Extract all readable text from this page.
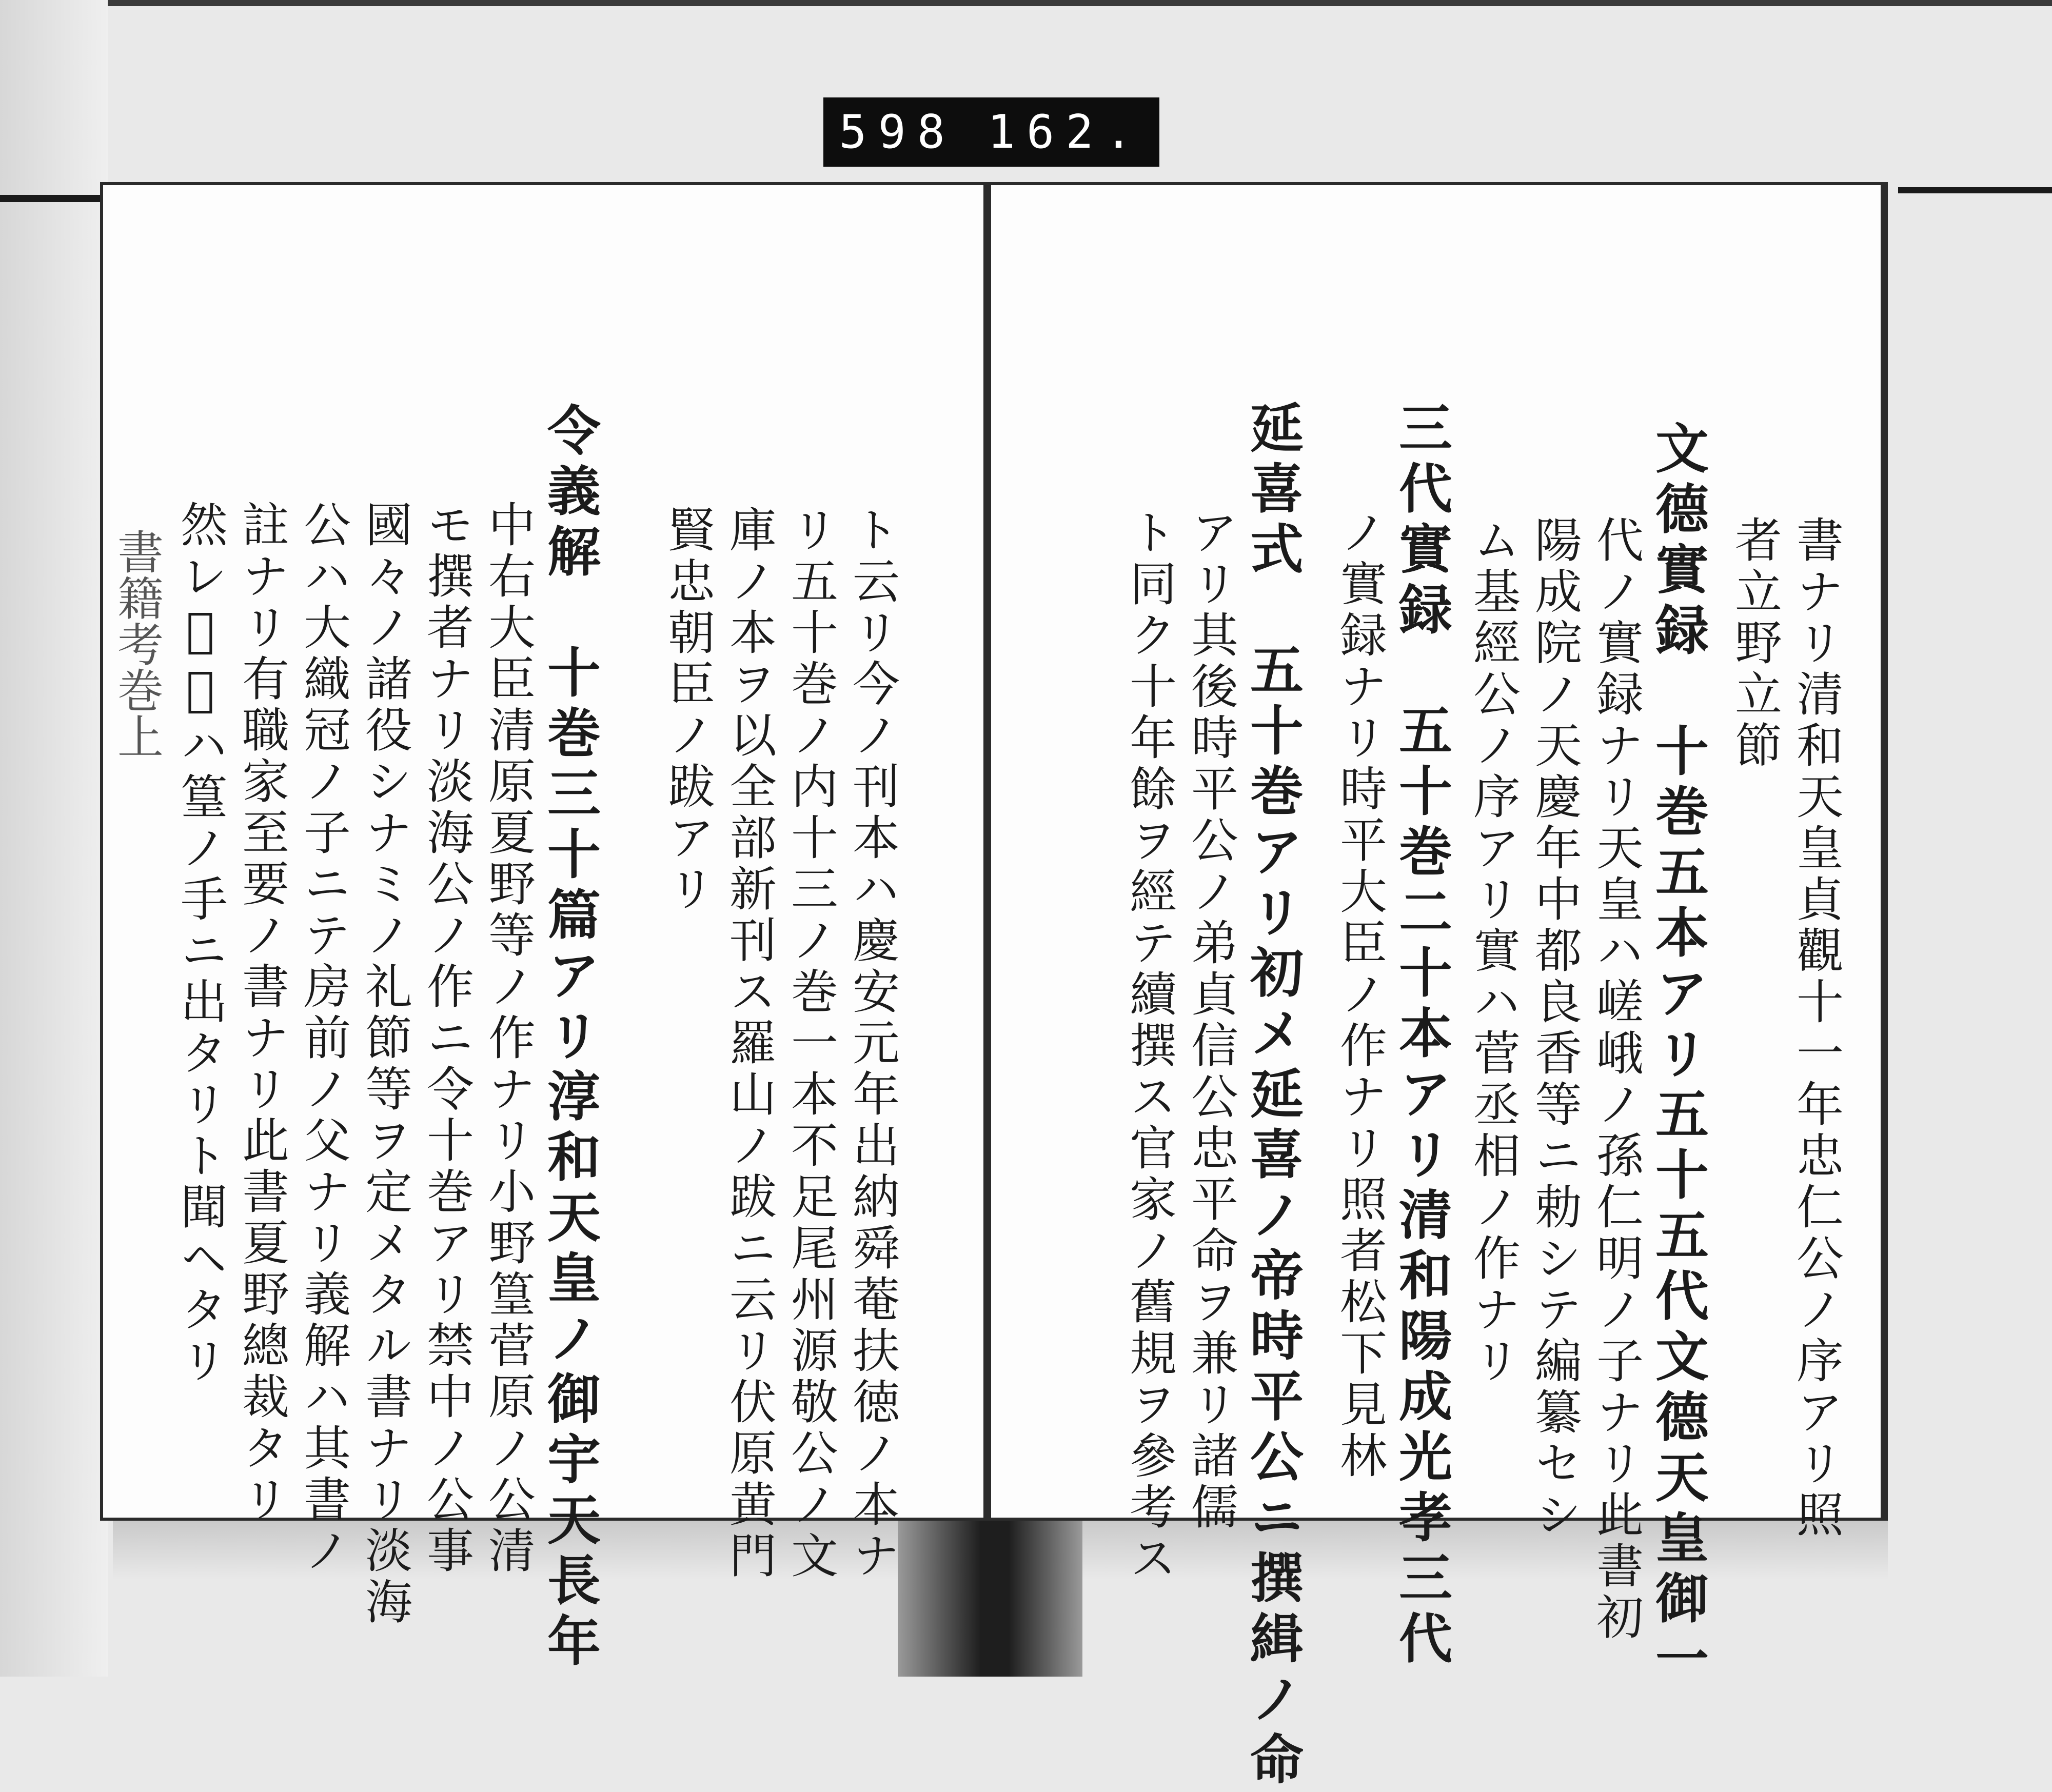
598 162.
書籍考巻上	ト云リ今ノ刊本ハ慶安元年出納舜菴扶徳ノ本ナ
リ五十巻ノ内十三ノ巻一本不足尾州源敬公ノ文
庫ノ本ヲ以全部新刊ス羅山ノ跋ニ云リ伏原黄門
賢忠朝臣ノ跋アリ
令義解　十巻三十篇アリ淳和天皇ノ御宇天長年
中右大臣清原夏野等ノ作ナリ小野篁菅原ノ公清
モ撰者ナリ淡海公ノ作ニ令十巻アリ禁中ノ公事
國々ノ諸役シナミノ礼節等ヲ定メタル書ナリ淡海
公ハ大織冠ノ子ニテ房前ノ父ナリ義解ハ其書ノ
註ナリ有職家至要ノ書ナリ此書夏野總裁タリ
然レ𪜈多ハ篁ノ手ニ出タリト聞ヘタリ	書ナリ清和天皇貞觀十一年忠仁公ノ序アリ照
者立野立節
文德實録　十巻五本アリ五十五代文德天皇御一
代ノ實録ナリ天皇ハ嵯峨ノ孫仁明ノ子ナリ此書初
陽成院ノ天慶年中都良香等ニ勅シテ編纂セシ
ム基經公ノ序アリ實ハ菅丞相ノ作ナリ
三代實録　五十巻二十本アリ清和陽成光孝三代
ノ實録ナリ時平大臣ノ作ナリ照者松下見林
延喜式　五十巻アリ初メ延喜ノ帝時平公ニ撰緝ノ命
アリ其後時平公ノ弟貞信公忠平命ヲ兼リ諸儒
ト同ク十年餘ヲ經テ續撰ス官家ノ舊規ヲ參考ス
